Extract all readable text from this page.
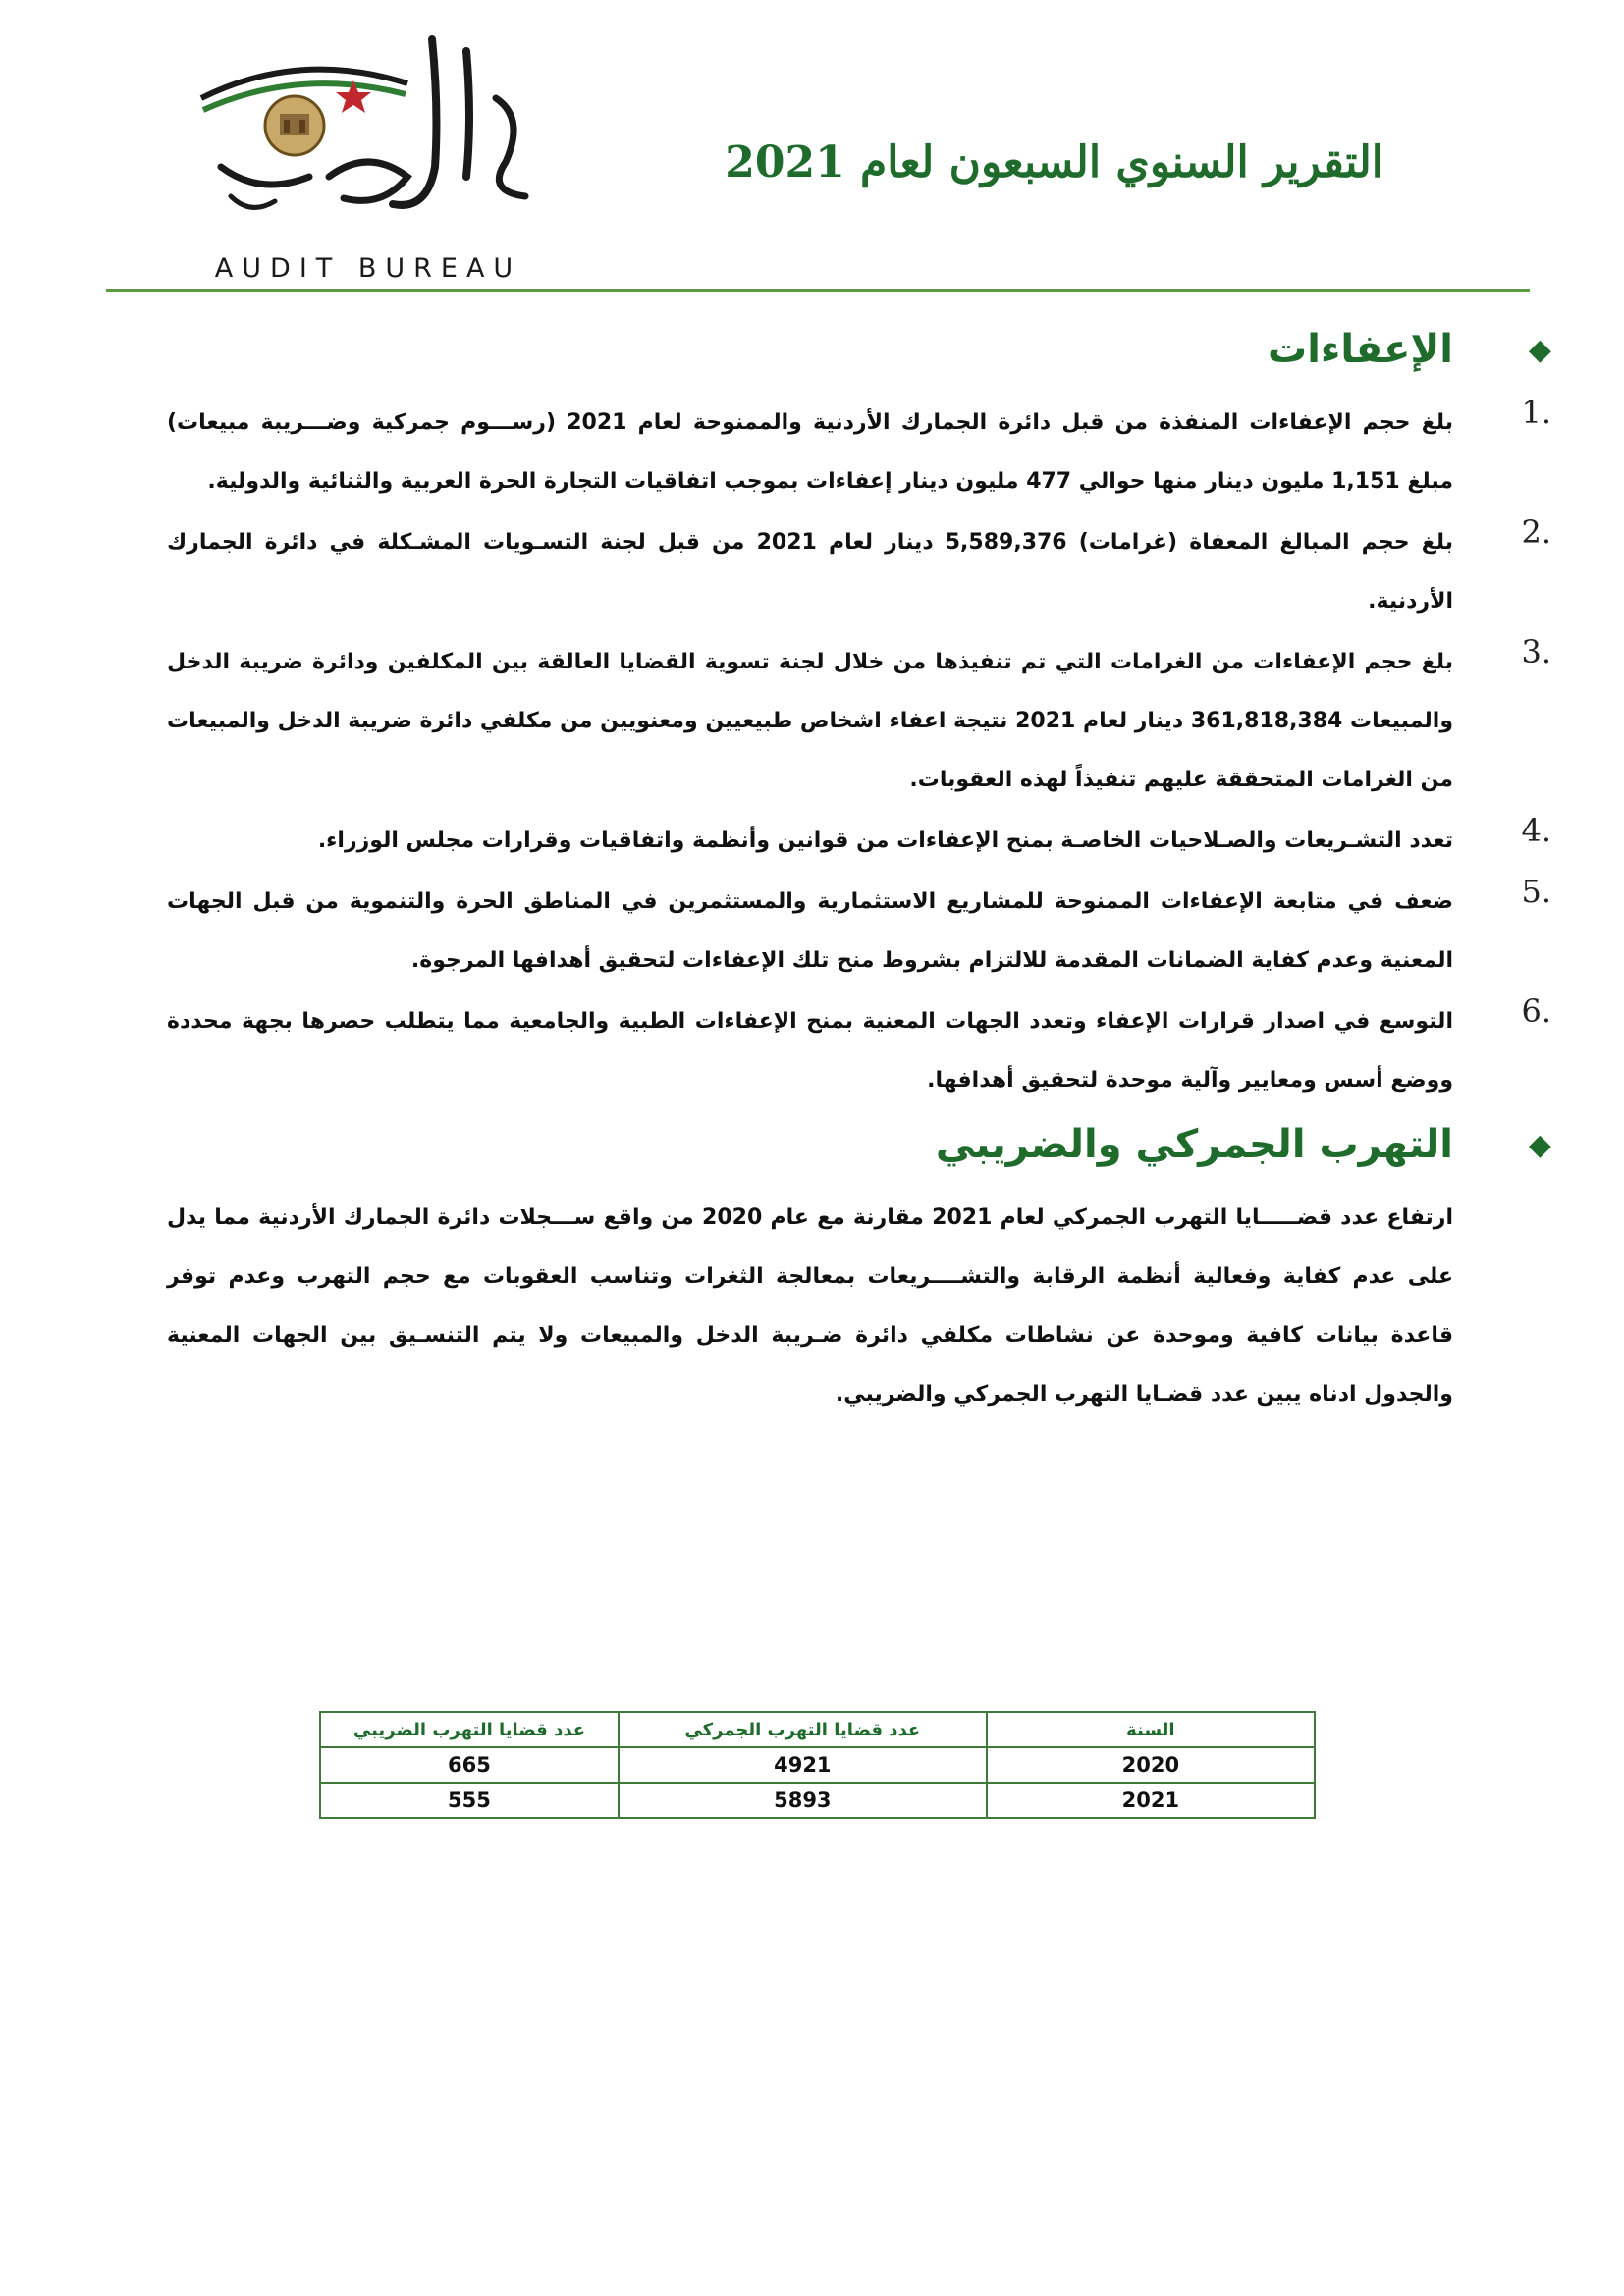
AUDIT BUREAU
التقرير السنوي السبعون لعام 2021
◆
الإعفاءات
1.
بلغ حجم الإعفاءات المنفذة من قبل دائرة الجمارك الأردنية والممنوحة لعام 2021 (رســـوم جمركية وضـــريبة مبيعات) مبلغ 1,151 مليون دينار منها حوالي 477 مليون دينار إعفاءات بموجب اتفاقيات التجارة الحرة العربية والثنائية والدولية.
2.
بلغ حجم المبالغ المعفاة (غرامات) 5,589,376 دينار لعام 2021 من قبل لجنة التسـويات المشـكلة في دائرة الجمارك الأردنية.
3.
بلغ حجم الإعفاءات من الغرامات التي تم تنفيذها من خلال لجنة تسوية القضايا العالقة بين المكلفين ودائرة ضريبة الدخل والمبيعات 361,818,384 دينار لعام 2021 نتيجة اعفاء اشخاص طبيعيين ومعنويين من مكلفي دائرة ضريبة الدخل والمبيعات من الغرامات المتحققة عليهم تنفيذاً لهذه العقوبات.
4.
تعدد التشـريعات والصـلاحيات الخاصـة بمنح الإعفاءات من قوانين وأنظمة واتفاقيات وقرارات مجلس الوزراء.
5.
ضعف في متابعة الإعفاءات الممنوحة للمشاريع الاستثمارية والمستثمرين في المناطق الحرة والتنموية من قبل الجهات المعنية وعدم كفاية الضمانات المقدمة للالتزام بشروط منح تلك الإعفاءات لتحقيق أهدافها المرجوة.
6.
التوسع في اصدار قرارات الإعفاء وتعدد الجهات المعنية بمنح الإعفاءات الطبية والجامعية مما يتطلب حصرها بجهة محددة ووضع أسس ومعايير وآلية موحدة لتحقيق أهدافها.
◆
التهرب الجمركي والضريبي
ارتفاع عدد قضـــــايا التهرب الجمركي لعام 2021 مقارنة مع عام 2020 من واقع ســـجلات دائرة الجمارك الأردنية مما يدل على عدم كفاية وفعالية أنظمة الرقابة والتشــــريعات بمعالجة الثغرات وتناسب العقوبات مع حجم التهرب وعدم توفر قاعدة بيانات كافية وموحدة عن نشاطات مكلفي دائرة ضـريبة الدخل والمبيعات ولا يتم التنسـيق بين الجهات المعنية والجدول ادناه يبين عدد قضـايا التهرب الجمركي والضريبي.
السنة	عدد قضايا التهرب الجمركي	عدد قضايا التهرب الضريبي
2020	4921	665
2021	5893	555
